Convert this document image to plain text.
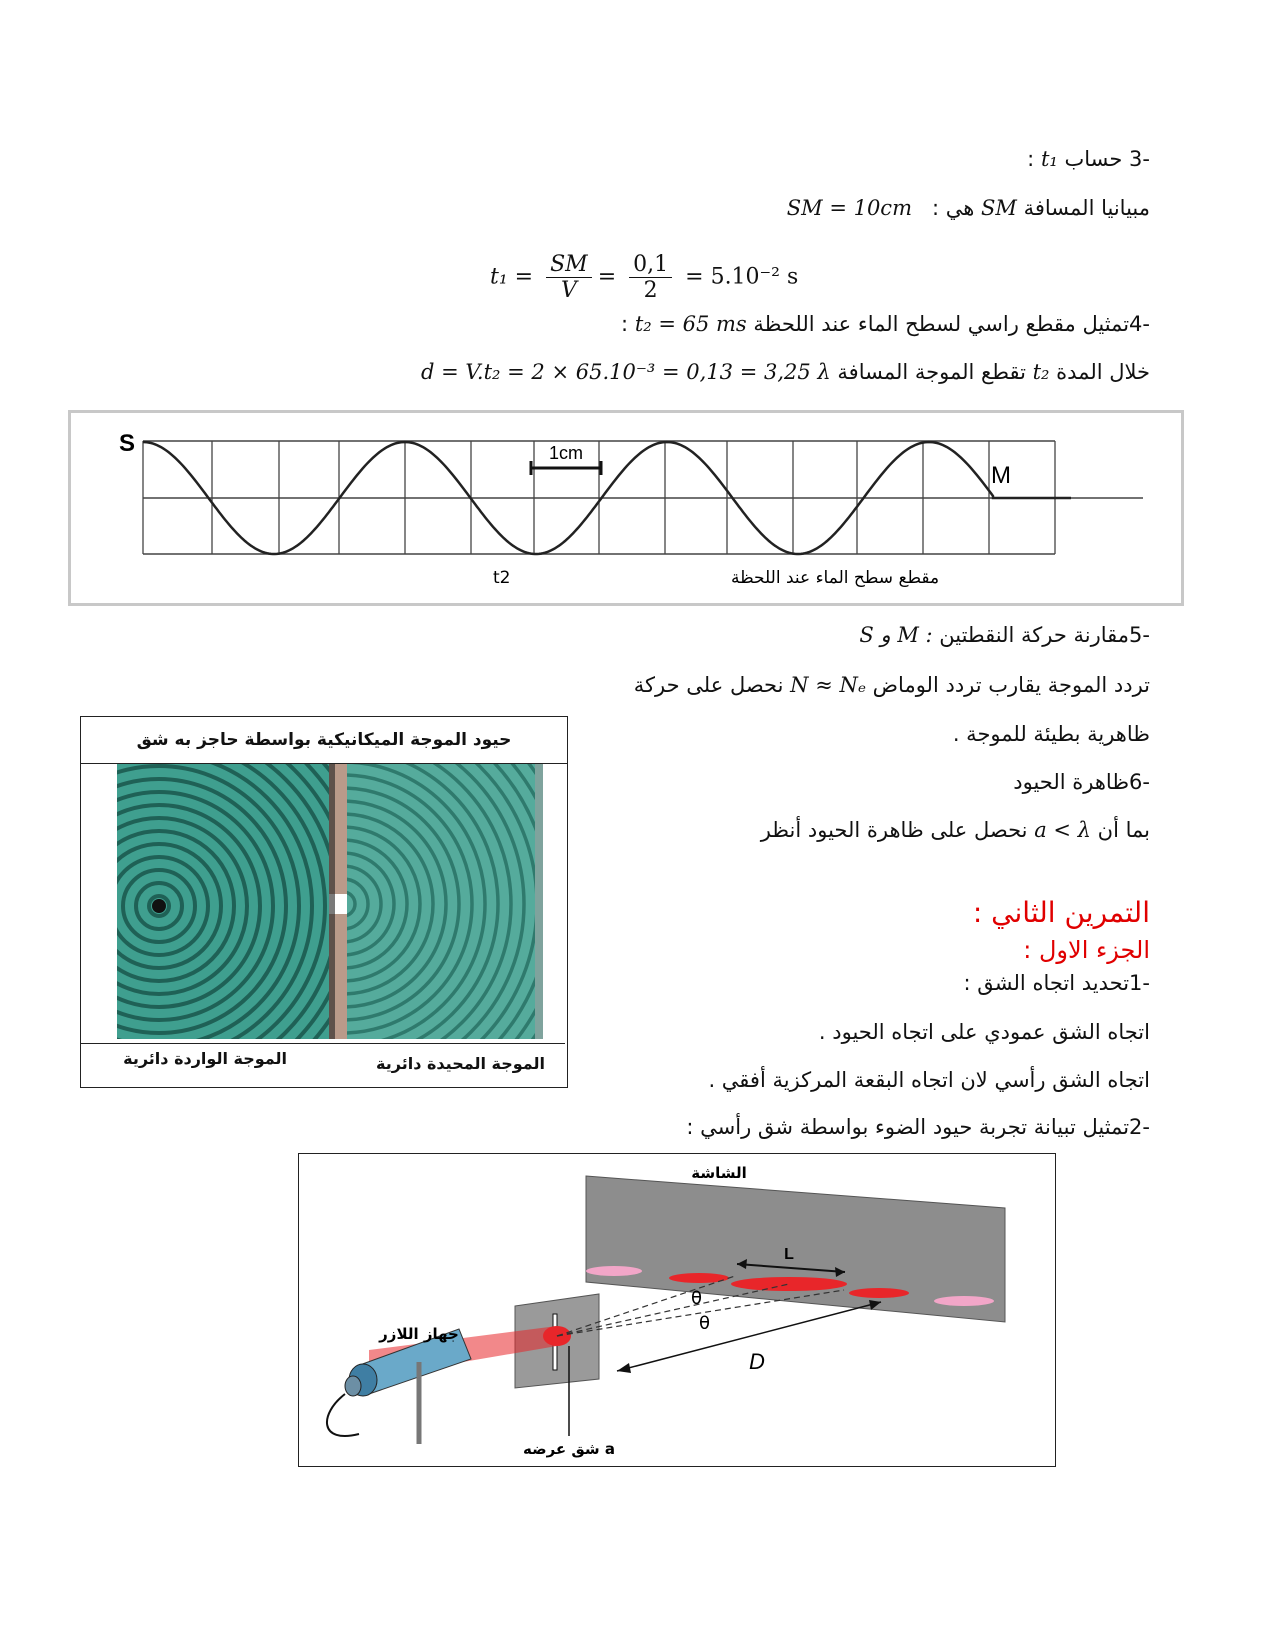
-3 حساب t₁ :
مبيانيا المسافة SM هي :   SM = 10cm
$t_1 = \frac{SM}{V} = \frac{0,1}{2} = 5.10^{-2}$ s
-4تمثيل مقطع راسي لسطح الماء عند اللحظة t₂ = 65 ms :
خلال المدة t₂ تقطع الموجة المسافة d = V.t₂ = 2 × 65.10⁻³ = 0,13 = 3,25 λ
1cm
S
M
مقطع سطح الماء عند اللحظة
t2
-5مقارنة حركة النقطتين S و M :
تردد الموجة يقارب تردد الوماض N ≈ Nₑ نحصل على حركة
ظاهرية بطيئة للموجة .
-6ظاهرة الحيود
بما أن a < λ نحصل على ظاهرة الحيود أنظر
حيود الموجة الميكانيكية بواسطة حاجز به شق
الموجة المحيدة دائرية
الموجة الواردة دائرية
التمرين الثاني :
الجزء الاول :
-1تحديد اتجاه الشق :
اتجاه الشق عمودي على اتجاه الحيود .
اتجاه الشق رأسي لان اتجاه البقعة المركزية أفقي .
-2تمثيل تبيانة تجربة حيود الضوء بواسطة شق رأسي :
L
الشاشة
θ
θ
D
جهاز اللازر
شق عرضه a
